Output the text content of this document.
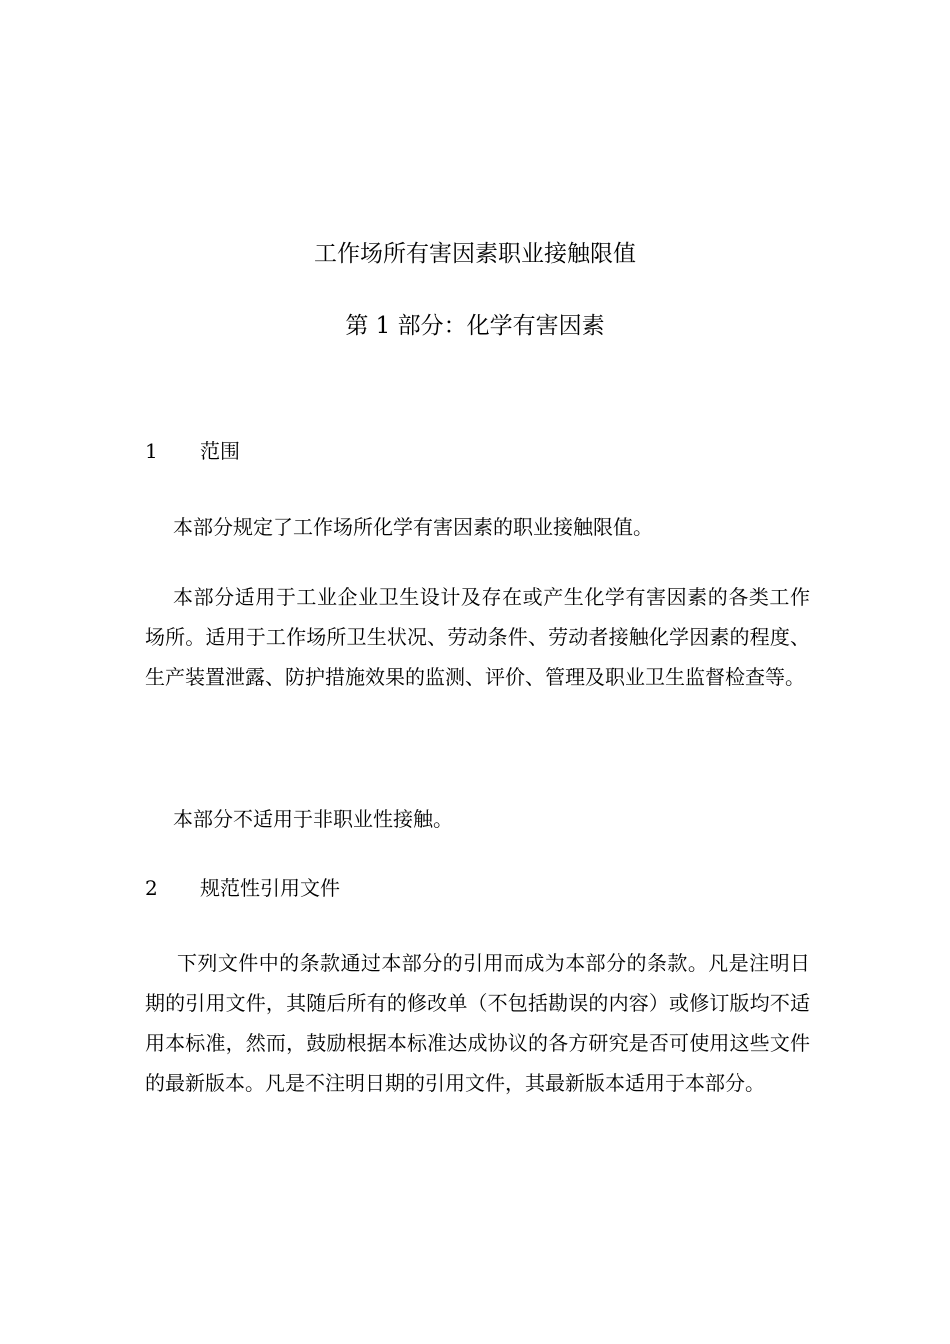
工作场所有害因素职业接触限值
第 1 部分：化学有害因素
1 范围

本部分规定了工作场所化学有害因素的职业接触限值。

本部分适用于工业企业卫生设计及存在或产生化学有害因素的各类工作场所。适用于工作场所卫生状况、劳动条件、劳动者接触化学因素的程度、生产装置泄露、防护措施效果的监测、评价、管理及职业卫生监督检查等。

本部分不适用于非职业性接触。

2 规范性引用文件

下列文件中的条款通过本部分的引用而成为本部分的条款。凡是注明日期的引用文件，其随后所有的修改单（不包括勘误的内容）或修订版均不适用本标准，然而，鼓励根据本标准达成协议的各方研究是否可使用这些文件的最新版本。凡是不注明日期的引用文件，其最新版本适用于本部分。
